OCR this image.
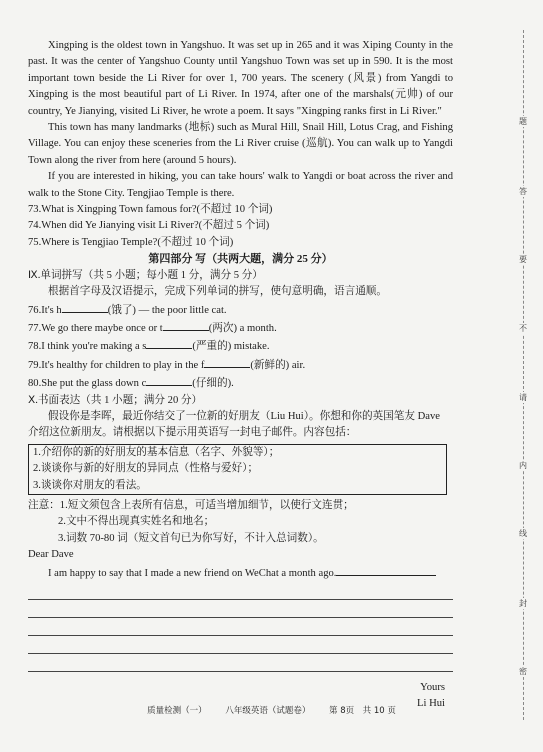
Xingping is the oldest town in Yangshuo. It was set up in 265 and it was Xiping County in the past. It was the center of Yangshuo County until Yangshuo Town was set up in 590. It is the most important town beside the Li River for over 1, 700 years. The scenery (风景) from Yangdi to Xingping is the most beautiful part of Li River. In 1974, after one of the marshals(元帅) of our country, Ye Jianying, visited Li River, he wrote a poem. It says "Xingping ranks first in Li River."

This town has many landmarks (地标) such as Mural Hill, Snail Hill, Lotus Crag, and Fishing Village. You can enjoy these sceneries from the Li River cruise (巡航). You can walk up to Yangdi Town along the river from here (around 5 hours).

If you are interested in hiking, you can take hours' walk to Yangdi or boat across the river and walk to the Stone City. Tengjiao Temple is there.

73.What is Xingping Town famous for?(不超过 10 个词)

74.When did Ye Jianying visit Li River?(不超过 5 个词)

75.Where is Tengjiao Temple?(不超过 10 个词)

第四部分 写（共两大题，满分 25 分）

Ⅸ.单词拼写（共 5 小题；每小题 1 分，满分 5 分）

根据首字母及汉语提示，完成下列单词的拼写，使句意明确，语言通顺。

76.It's h	(饿了) — the poor little cat.

77.We go there maybe once or t	(两次) a month.

78.I think you're making a s	(严重的) mistake.

79.It's healthy for children to play in the f	(新鲜的) air.

80.She put the glass down c	(仔细的).

Ⅹ.书面表达（共 1 小题；满分 20 分）

假设你是李晖，最近你结交了一位新的好朋友（Liu Hui）。你想和你的英国笔友 Dave 介绍这位新朋友。请根据以下提示用英语写一封电子邮件。内容包括：

1.介绍你的新的好朋友的基本信息（名字、外貌等）；

2.谈谈你与新的好朋友的异同点（性格与爱好）；

3.谈谈你对朋友的看法。

注意：1.短文须包含上表所有信息，可适当增加细节，以使行文连贯；

2.文中不得出现真实姓名和地名；

3.词数 70-80 词（短文首句已为你写好，不计入总词数）。

Dear Dave

I am happy to say that I made a new friend on WeChat a month ago.

Yours

Li Hui

质量检测（一） 八年级英语（试题卷） 第 8页　共 10 页
题
答
要
不
请
内
线
封
密
